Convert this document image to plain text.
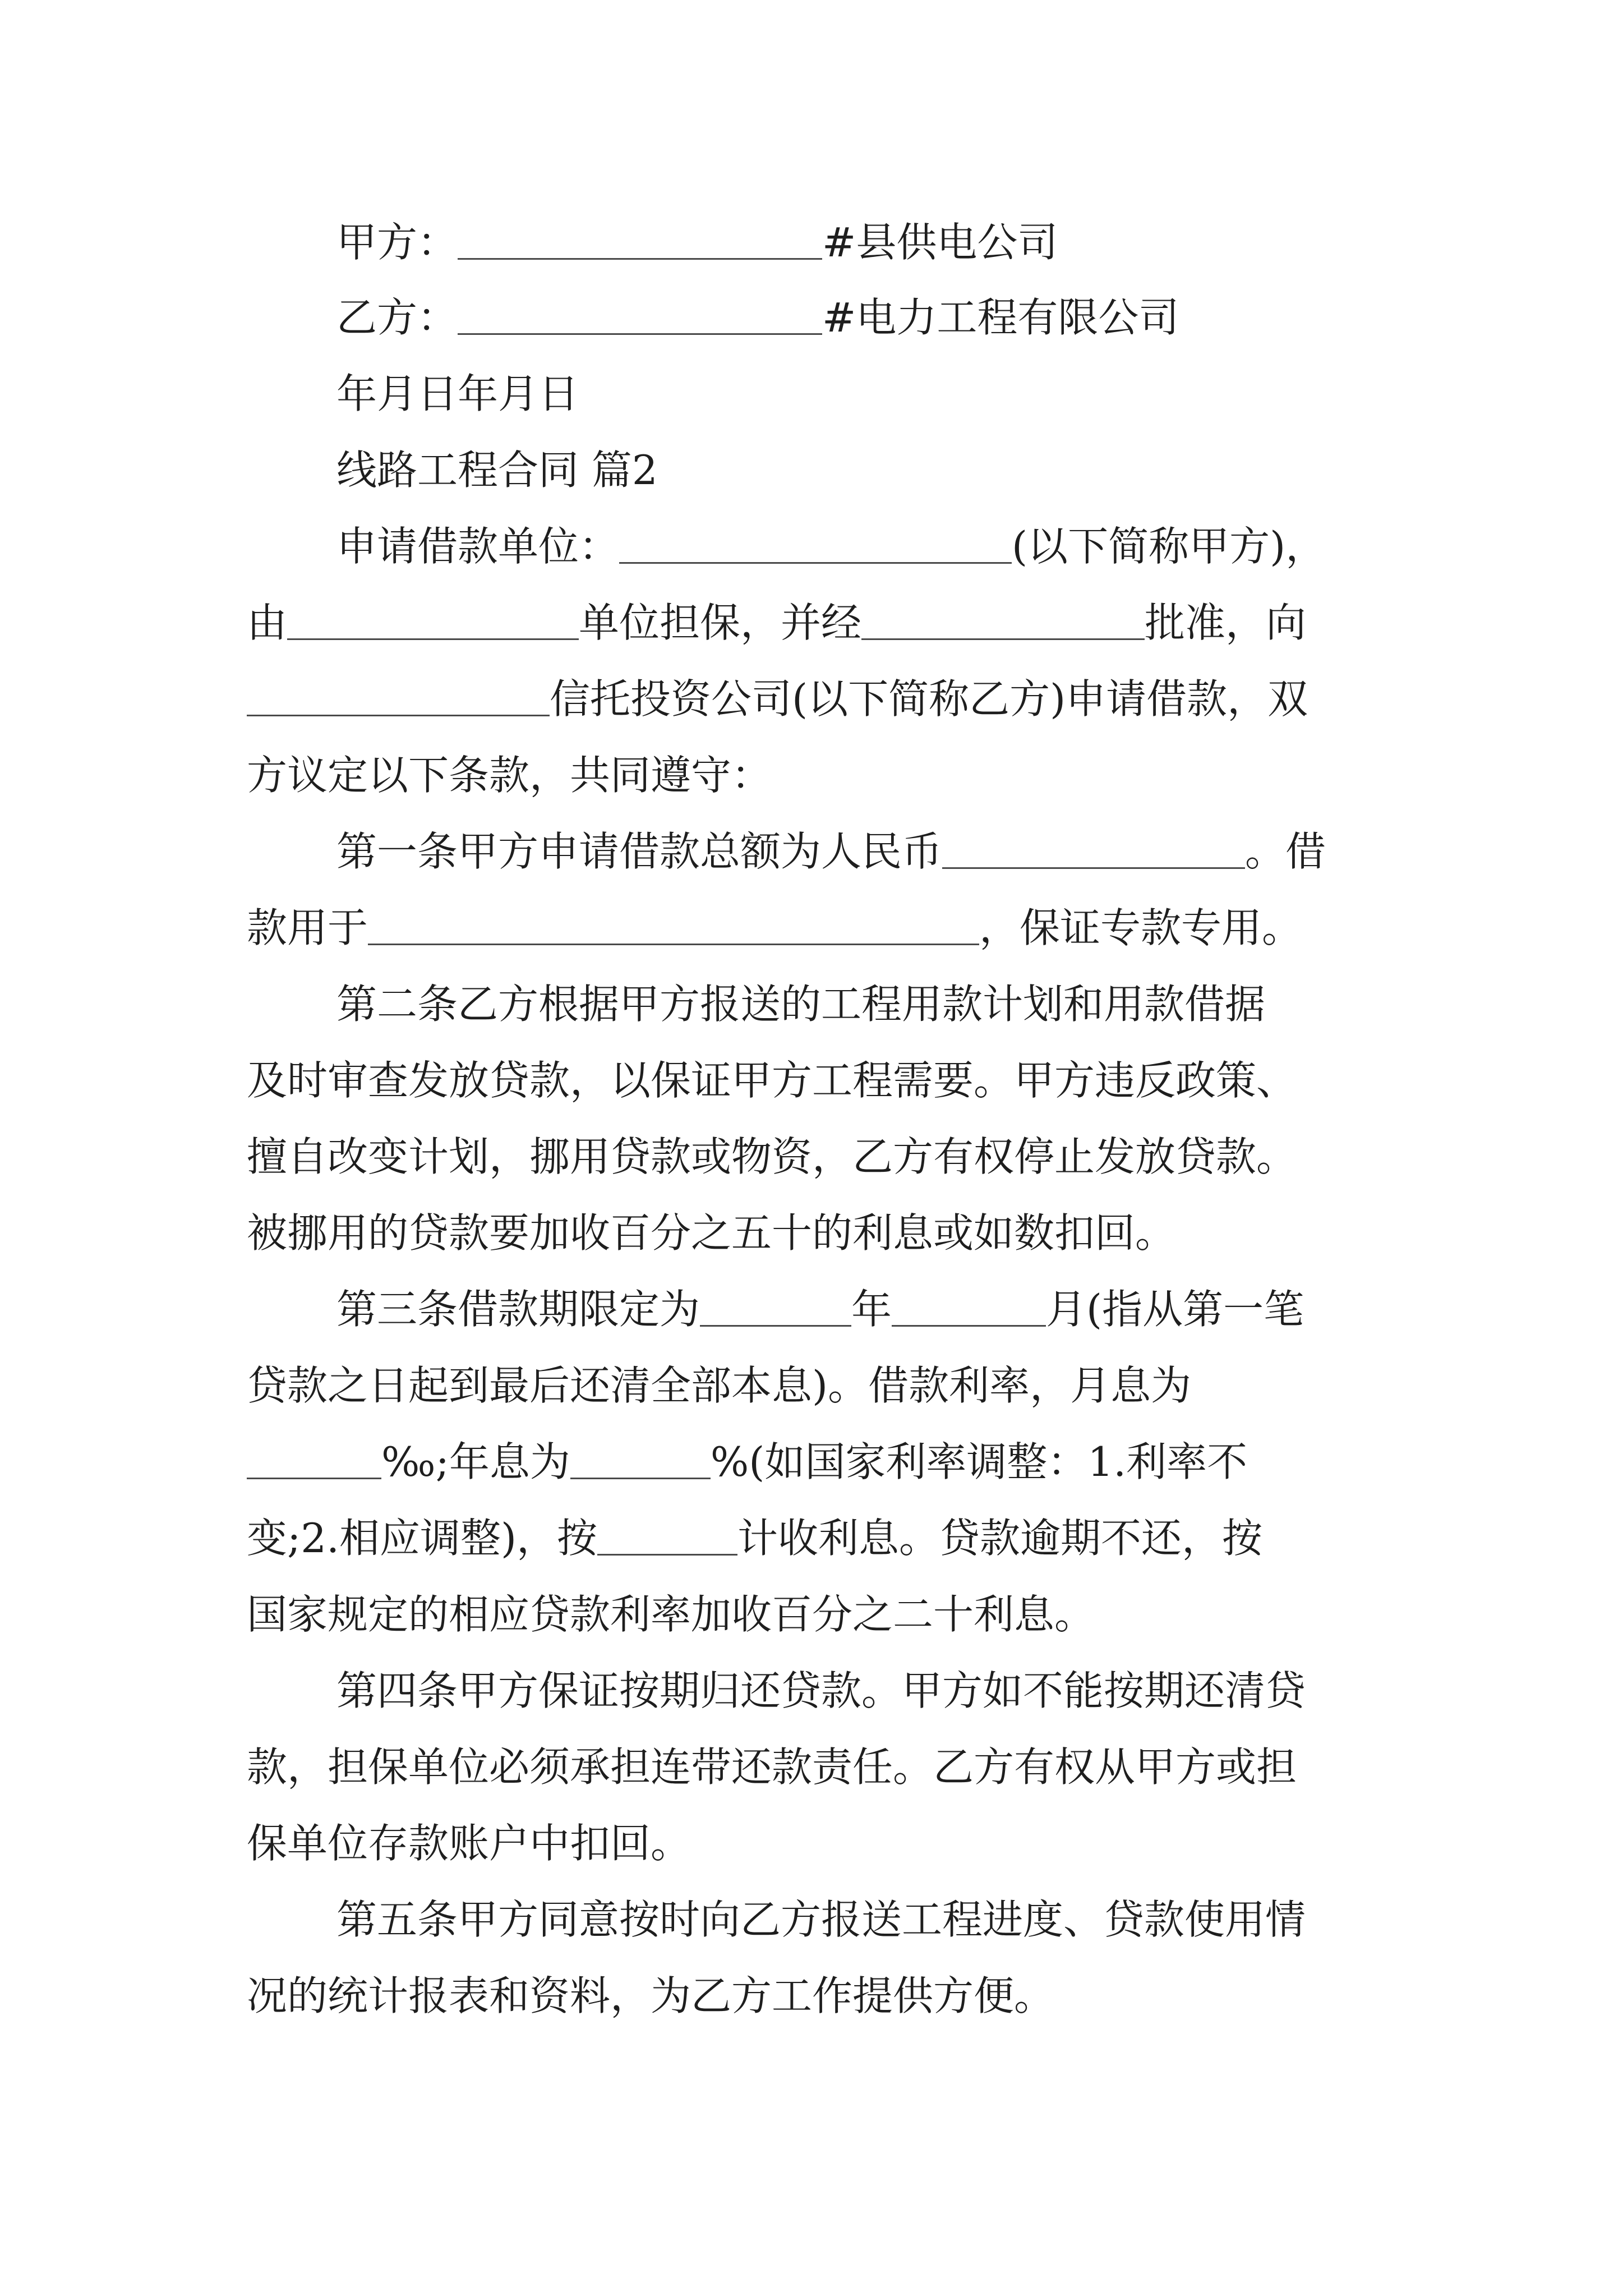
甲方：	#县供电公司
乙方：	#电力工程有限公司
年月日年月日
线路工程合同 篇2
申请借款单位：	(以下简称甲方)，
由	单位担保，并经	批准，向
信托投资公司(以下简称乙方)申请借款，双
方议定以下条款，共同遵守：
第一条甲方申请借款总额为人民币	。借
款用于	，保证专款专用。
第二条乙方根据甲方报送的工程用款计划和用款借据
及时审查发放贷款，以保证甲方工程需要。甲方违反政策、
擅自改变计划，挪用贷款或物资，乙方有权停止发放贷款。
被挪用的贷款要加收百分之五十的利息或如数扣回。
第三条借款期限定为	年	月(指从第一笔
贷款之日起到最后还清全部本息)。借款利率，月息为
‰;年息为	%(如国家利率调整：1.利率不
变;2.相应调整)，按	计收利息。贷款逾期不还，按
国家规定的相应贷款利率加收百分之二十利息。
第四条甲方保证按期归还贷款。甲方如不能按期还清贷
款，担保单位必须承担连带还款责任。乙方有权从甲方或担
保单位存款账户中扣回。
第五条甲方同意按时向乙方报送工程进度、贷款使用情
况的统计报表和资料，为乙方工作提供方便。
